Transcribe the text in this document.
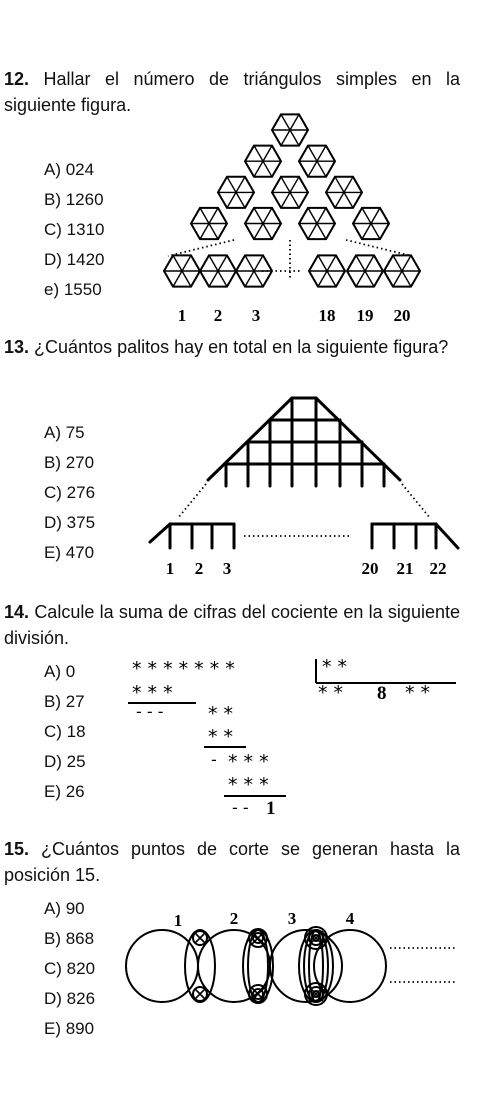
12. Hallar el número de triángulos simples en la siguiente figura.
A) 024
B) 1260
C) 1310
D) 1420
e) 1550
1 2 3	18 19 20
13. ¿Cuántos palitos hay en total en la siguiente figura?
A) 75
B) 270
C) 276
D) 375
E) 470
1 2 3	20 21 22
14. Calcule la suma de cifras del cociente en la siguiente división.
A) 0
B) 27
C) 18
D) 25
E) 26
* * * * * * *	* *
* * 8 * *
* * *
- - - * *
* *
- * * *
* * *
- - 1
15. ¿Cuántos puntos de corte se generan hasta la posición 15.
A) 90
B) 868
C) 820
D) 826
E) 890
1	2	3	4
